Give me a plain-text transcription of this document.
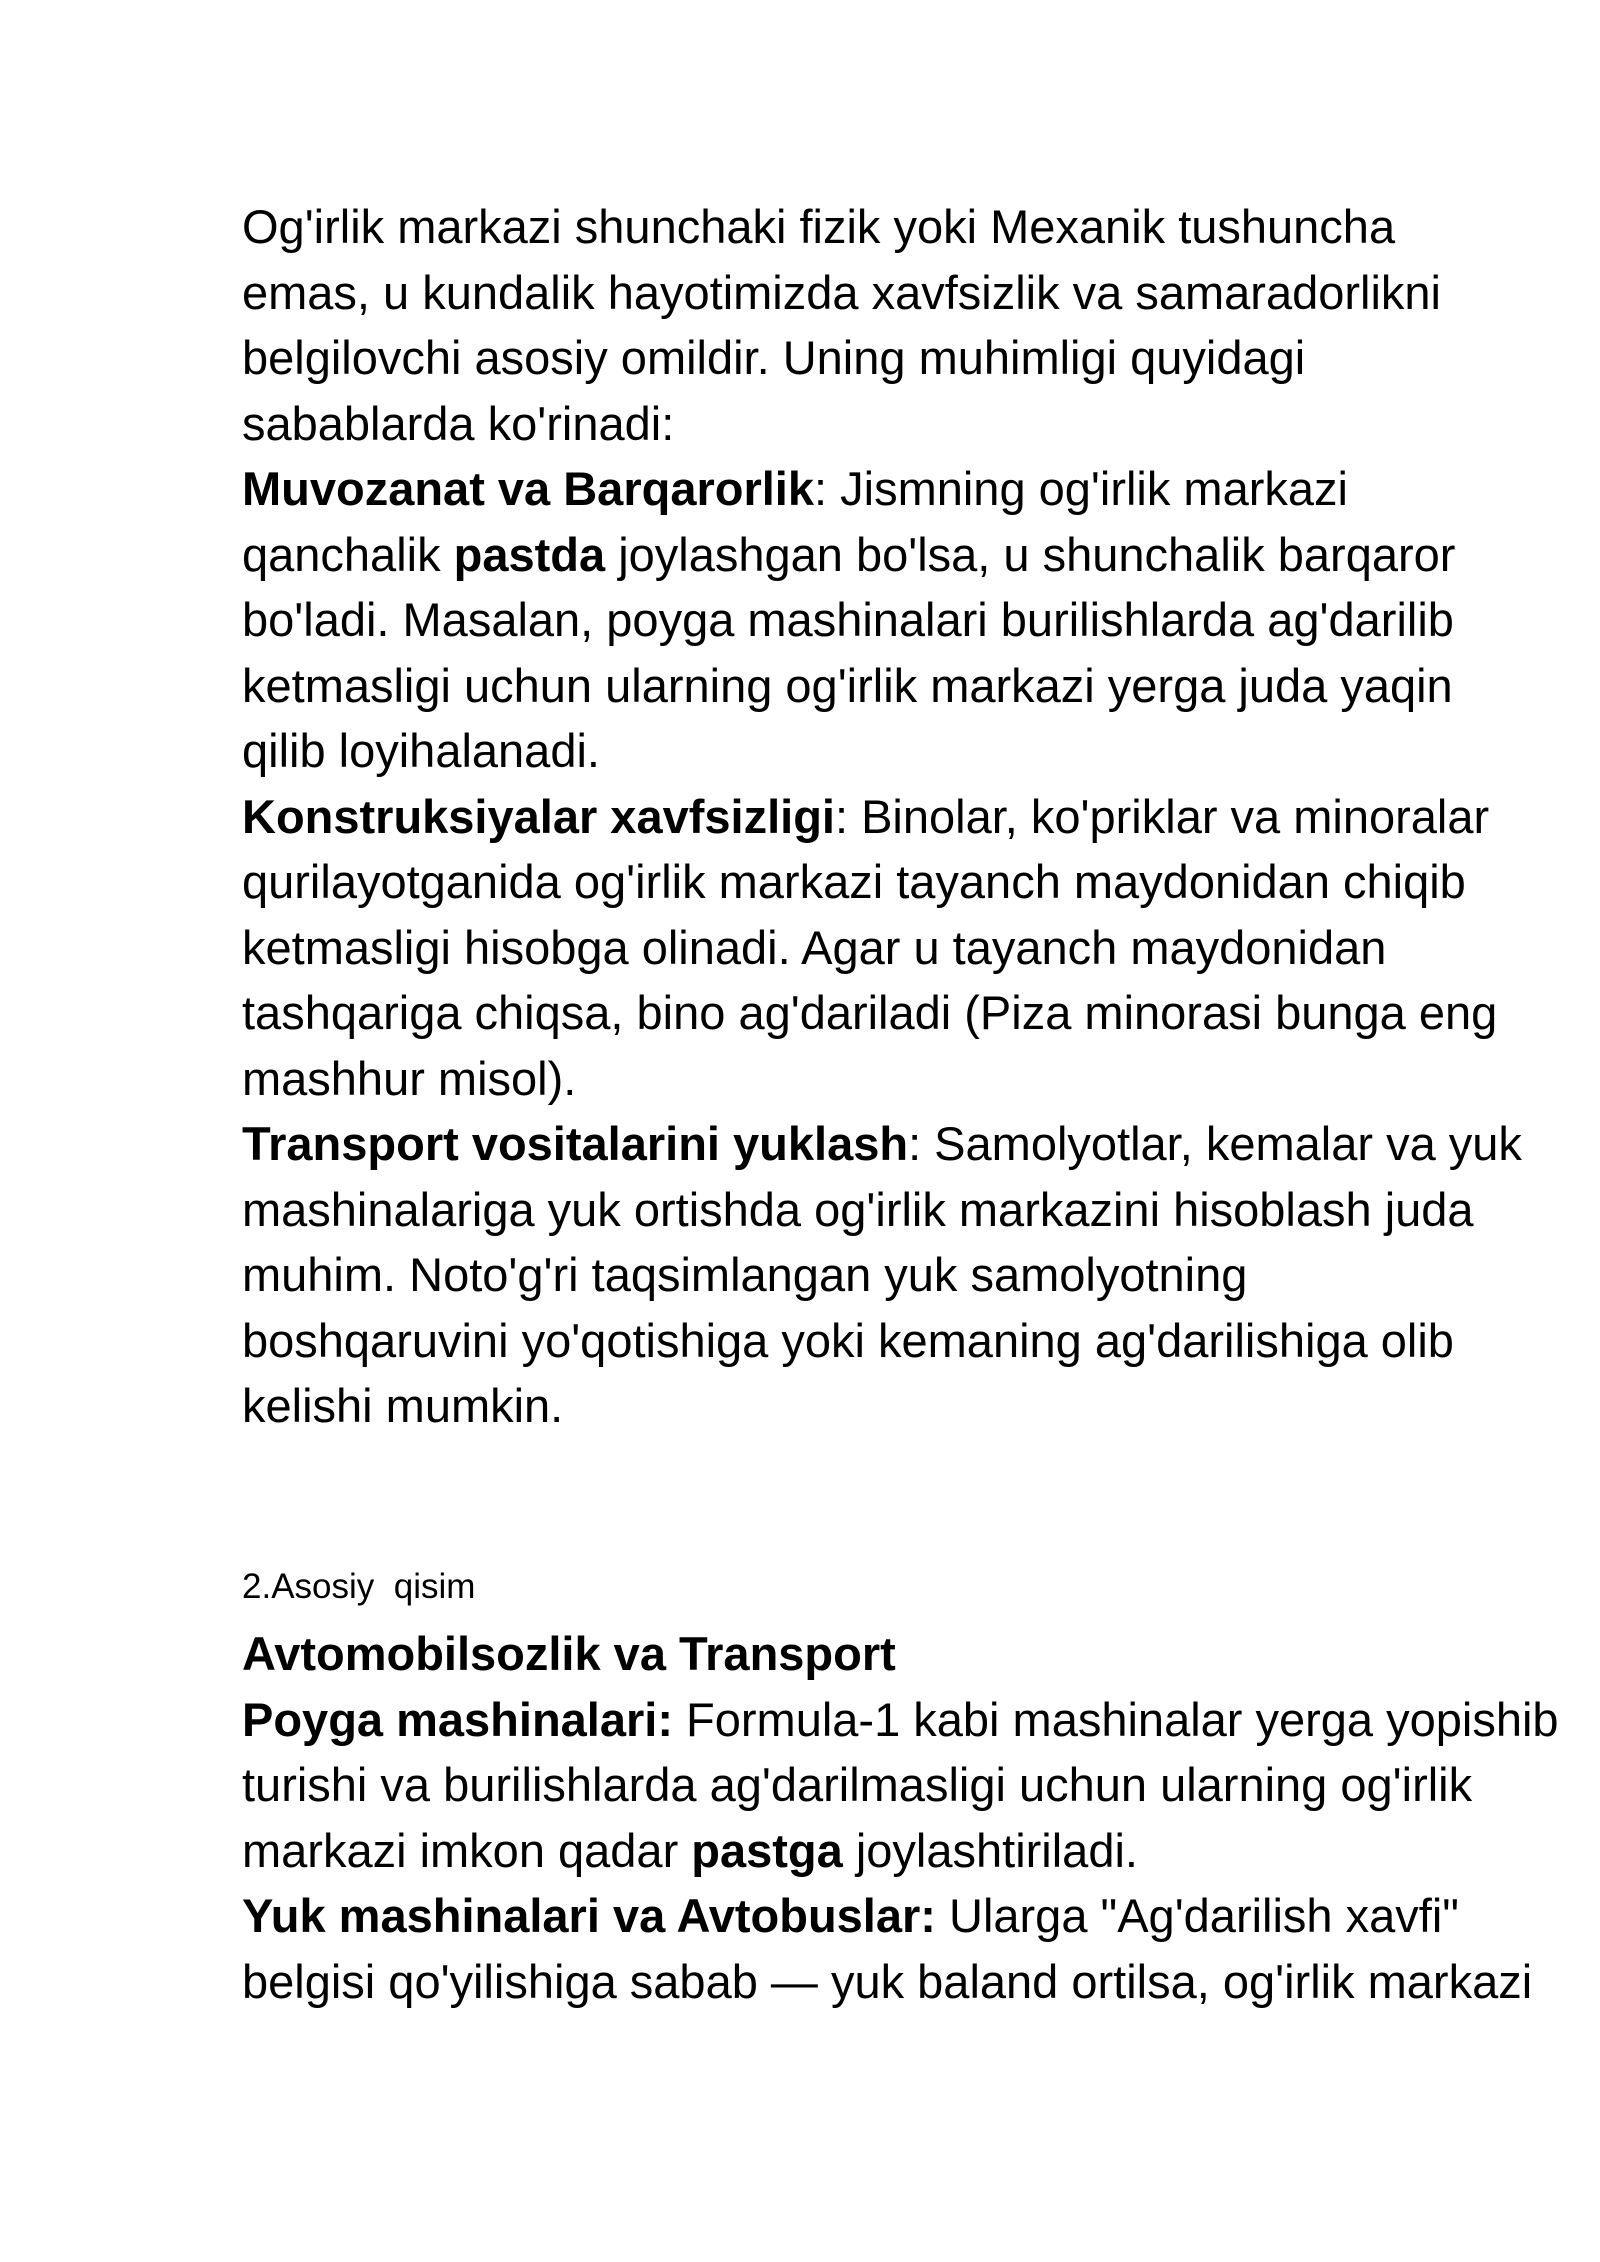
Og'irlik markazi shunchaki fizik yoki Mexanik tushuncha

emas, u kundalik hayotimizda xavfsizlik va samaradorlikni

belgilovchi asosiy omildir. Uning muhimligi quyidagi

sabablarda ko'rinadi:

Muvozanat va Barqarorlik: Jismning og'irlik markazi

qanchalik pastda joylashgan bo'lsa, u shunchalik barqaror

bo'ladi. Masalan, poyga mashinalari burilishlarda ag'darilib

ketmasligi uchun ularning og'irlik markazi yerga juda yaqin

qilib loyihalanadi.

Konstruksiyalar xavfsizligi: Binolar, ko'priklar va minoralar

qurilayotganida og'irlik markazi tayanch maydonidan chiqib

ketmasligi hisobga olinadi. Agar u tayanch maydonidan

tashqariga chiqsa, bino ag'dariladi (Piza minorasi bunga eng

mashhur misol).

Transport vositalarini yuklash: Samolyotlar, kemalar va yuk

mashinalariga yuk ortishda og'irlik markazini hisoblash juda

muhim. Noto'g'ri taqsimlangan yuk samolyotning

boshqaruvini yo'qotishiga yoki kemaning ag'darilishiga olib

kelishi mumkin.

2.Asosiy  qisim

Avtomobilsozlik va Transport

Poyga mashinalari: Formula-1 kabi mashinalar yerga yopishib

turishi va burilishlarda ag'darilmasligi uchun ularning og'irlik

markazi imkon qadar pastga joylashtiriladi.

Yuk mashinalari va Avtobuslar: Ularga "Ag'darilish xavfi"

belgisi qo'yilishiga sabab — yuk baland ortilsa, og'irlik markazi
